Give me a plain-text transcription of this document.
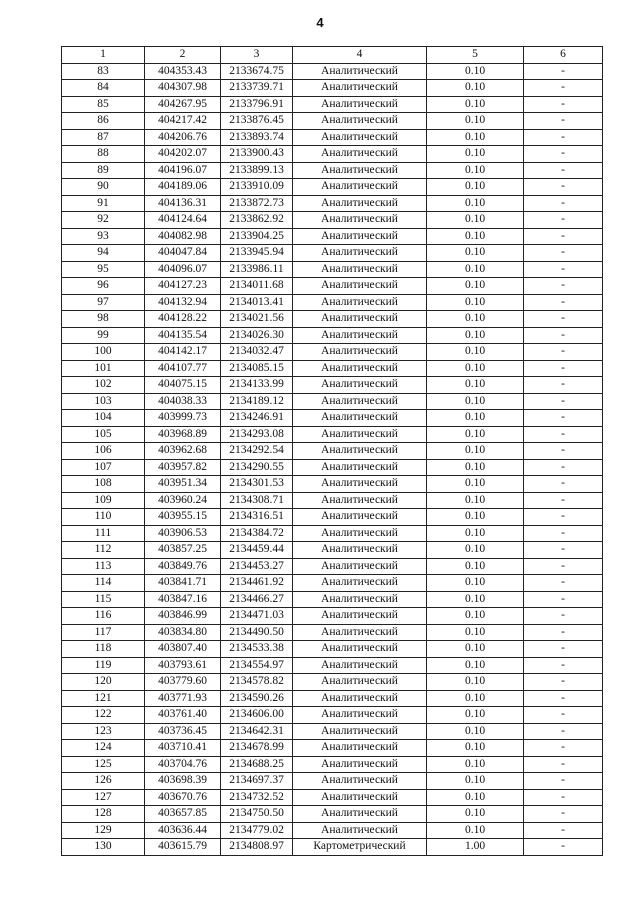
4
1	2	3	4	5	6
83	404353.43	2133674.75	Аналитический	0.10	-
84	404307.98	2133739.71	Аналитический	0.10	-
85	404267.95	2133796.91	Аналитический	0.10	-
86	404217.42	2133876.45	Аналитический	0.10	-
87	404206.76	2133893.74	Аналитический	0.10	-
88	404202.07	2133900.43	Аналитический	0.10	-
89	404196.07	2133899.13	Аналитический	0.10	-
90	404189.06	2133910.09	Аналитический	0.10	-
91	404136.31	2133872.73	Аналитический	0.10	-
92	404124.64	2133862.92	Аналитический	0.10	-
93	404082.98	2133904.25	Аналитический	0.10	-
94	404047.84	2133945.94	Аналитический	0.10	-
95	404096.07	2133986.11	Аналитический	0.10	-
96	404127.23	2134011.68	Аналитический	0.10	-
97	404132.94	2134013.41	Аналитический	0.10	-
98	404128.22	2134021.56	Аналитический	0.10	-
99	404135.54	2134026.30	Аналитический	0.10	-
100	404142.17	2134032.47	Аналитический	0.10	-
101	404107.77	2134085.15	Аналитический	0.10	-
102	404075.15	2134133.99	Аналитический	0.10	-
103	404038.33	2134189.12	Аналитический	0.10	-
104	403999.73	2134246.91	Аналитический	0.10	-
105	403968.89	2134293.08	Аналитический	0.10	-
106	403962.68	2134292.54	Аналитический	0.10	-
107	403957.82	2134290.55	Аналитический	0.10	-
108	403951.34	2134301.53	Аналитический	0.10	-
109	403960.24	2134308.71	Аналитический	0.10	-
110	403955.15	2134316.51	Аналитический	0.10	-
111	403906.53	2134384.72	Аналитический	0.10	-
112	403857.25	2134459.44	Аналитический	0.10	-
113	403849.76	2134453.27	Аналитический	0.10	-
114	403841.71	2134461.92	Аналитический	0.10	-
115	403847.16	2134466.27	Аналитический	0.10	-
116	403846.99	2134471.03	Аналитический	0.10	-
117	403834.80	2134490.50	Аналитический	0.10	-
118	403807.40	2134533.38	Аналитический	0.10	-
119	403793.61	2134554.97	Аналитический	0.10	-
120	403779.60	2134578.82	Аналитический	0.10	-
121	403771.93	2134590.26	Аналитический	0.10	-
122	403761.40	2134606.00	Аналитический	0.10	-
123	403736.45	2134642.31	Аналитический	0.10	-
124	403710.41	2134678.99	Аналитический	0.10	-
125	403704.76	2134688.25	Аналитический	0.10	-
126	403698.39	2134697.37	Аналитический	0.10	-
127	403670.76	2134732.52	Аналитический	0.10	-
128	403657.85	2134750.50	Аналитический	0.10	-
129	403636.44	2134779.02	Аналитический	0.10	-
130	403615.79	2134808.97	Картометрический	1.00	-
